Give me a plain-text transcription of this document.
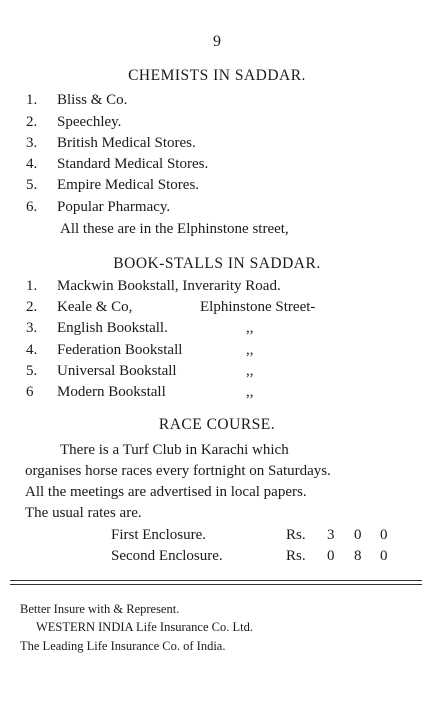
9
CHEMISTS IN SADDAR.
1.	Bliss & Co.
2.	Speechley.
3.	British Medical Stores.
4.	Standard Medical Stores.
5.	Empire Medical Stores.
6.	Popular Pharmacy.
All these are in the Elphinstone street,
BOOK-STALLS IN SADDAR.
1.	Mackwin Bookstall, Inverarity Road.
2.	Keale & Co,	Elphinstone Street-
3.	English Bookstall.	,,
4.	Federation Bookstall	,,
5.	Universal Bookstall	,,
6	Modern Bookstall	,,
RACE COURSE.
There is a Turf Club in Karachi which
organises horse races every fortnight on Saturdays.
All the meetings are advertised in local papers.
The usual rates are.
First Enclosure.	Rs. 3 0 0
Second Enclosure.	Rs. 0 8 0
Better Insure with & Represent.
WESTERN INDIA Life Insurance Co. Ltd.
The Leading Life Insurance Co. of India.
